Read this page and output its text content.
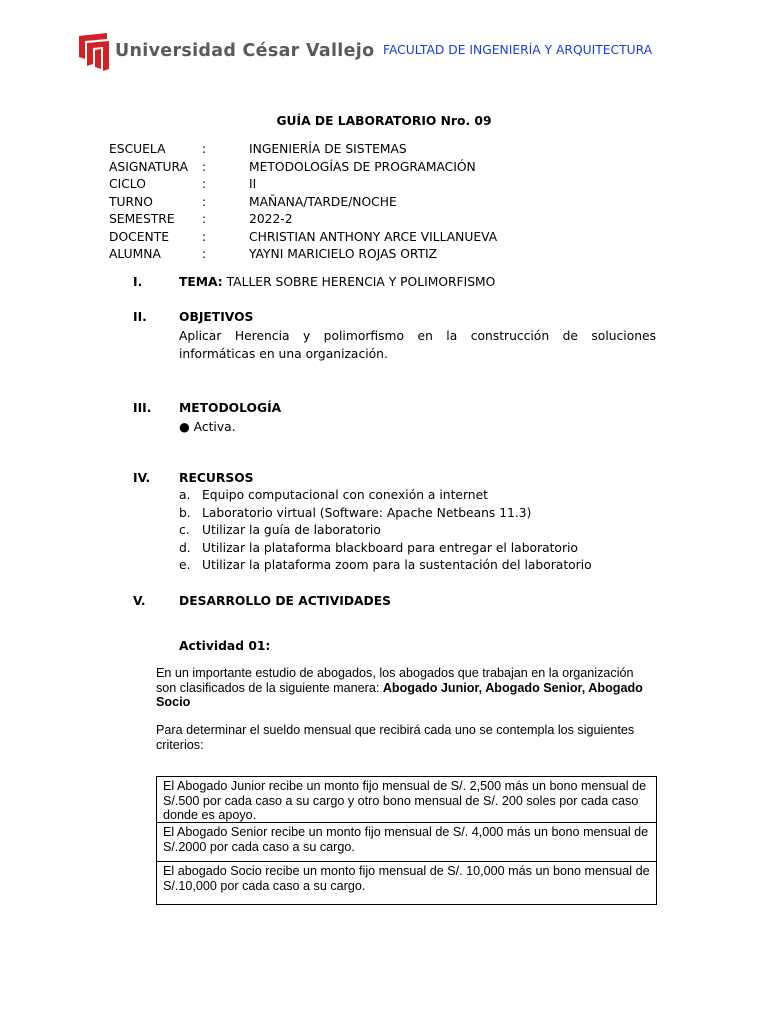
Universidad César Vallejo FACULTAD DE INGENIERÍA Y ARQUITECTURA
GUÍA DE LABORATORIO Nro. 09
ESCUELA	:	INGENIERÍA DE SISTEMAS
ASIGNATURA :	METODOLOGÍAS DE PROGRAMACIÓN
CICLO	:	II
TURNO	:	MAÑANA/TARDE/NOCHE
SEMESTRE :	2022-2
DOCENTE	:	CHRISTIAN ANTHONY ARCE VILLANUEVA
ALUMNA	:	YAYNI MARICIELO ROJAS ORTIZ
I.	TEMA: TALLER SOBRE HERENCIA Y POLIMORFISMO
II.	OBJETIVOS
Aplicar Herencia y polimorfismo en la construcción de soluciones informáticas en una organización.
III. METODOLOGÍA
● Activa.
IV. RECURSOS
a. Equipo computacional con conexión a internet
b. Laboratorio virtual (Software: Apache Netbeans 11.3)
c. Utilizar la guía de laboratorio
d. Utilizar la plataforma blackboard para entregar el laboratorio
e. Utilizar la plataforma zoom para la sustentación del laboratorio
V.	DESARROLLO DE ACTIVIDADES
Actividad 01:
En un importante estudio de abogados, los abogados que trabajan en la organización son clasificados de la siguiente manera: Abogado Junior, Abogado Senior, Abogado Socio
Para determinar el sueldo mensual que recibirá cada uno se contempla los siguientes criterios:
El Abogado Junior recibe un monto fijo mensual de S/. 2,500 más un bono mensual de S/.500 por cada caso a su cargo y otro bono mensual de S/. 200 soles por cada caso donde es apoyo.
El Abogado Senior recibe un monto fijo mensual de S/. 4,000 más un bono mensual de S/.2000 por cada caso a su cargo.
El abogado Socio recibe un monto fijo mensual de S/. 10,000 más un bono mensual de S/.10,000 por cada caso a su cargo.
